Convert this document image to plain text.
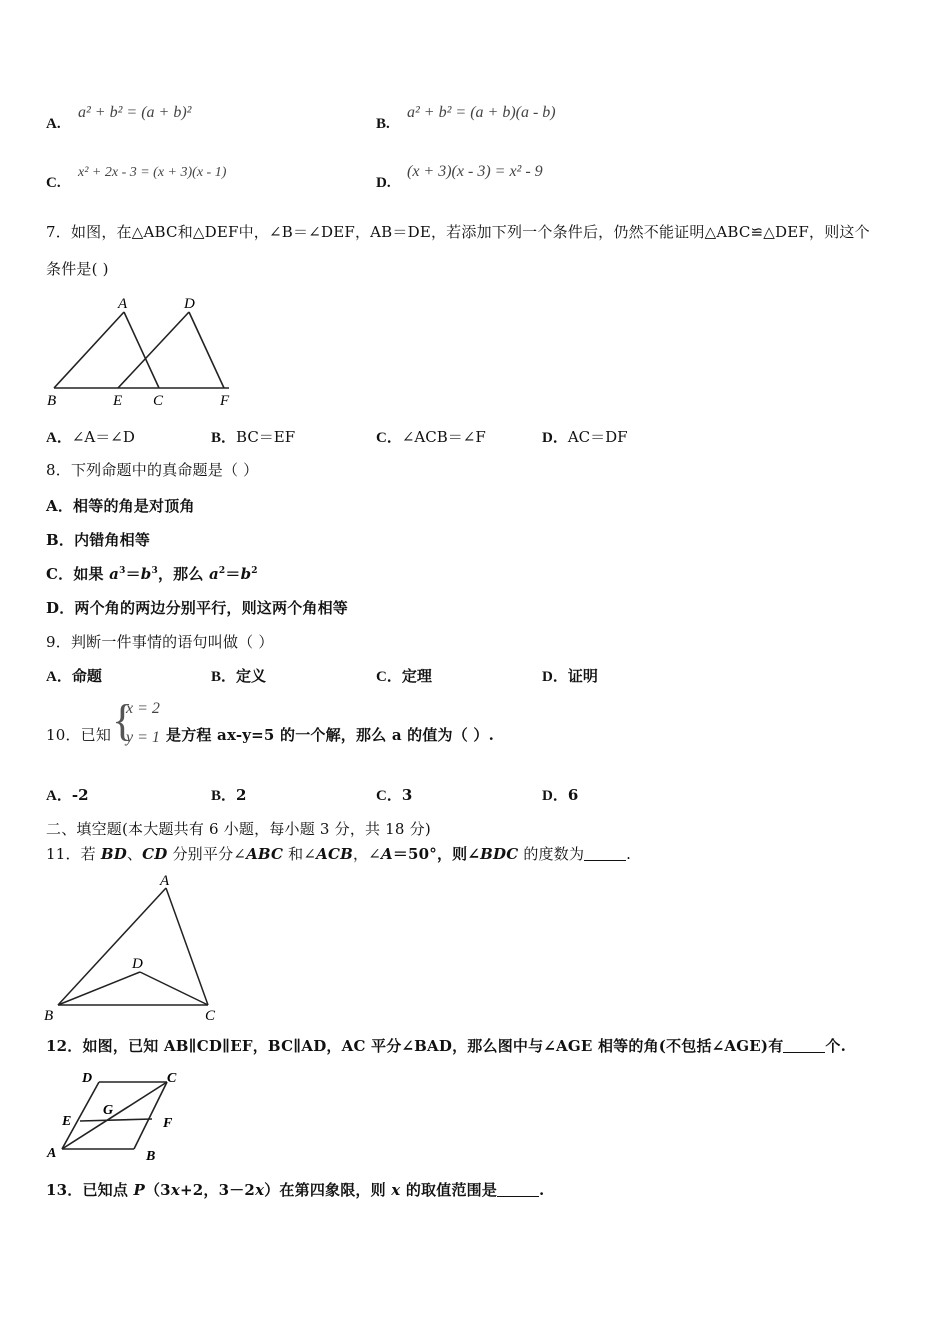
A.
a² + b² = (a + b)²
B.
a² + b² = (a + b)(a - b)
C.
x² + 2x - 3 = (x + 3)(x - 1)
D.
(x + 3)(x - 3) = x² - 9
7．如图，在△ABC和△DEF中，∠B＝∠DEF，AB＝DE，若添加下列一个条件后，仍然不能证明△ABC≌△DEF，则这个
条件是( )
A	D
B	E C	F
A．∠A＝∠D	B．BC＝EF	C．∠ACB＝∠F	D．AC＝DF
8．下列命题中的真命题是（ ）
A．相等的角是对顶角
B．内错角相等
C．如果 $a^3=b^3$，那么 $a^2=b^2$
D．两个角的两边分别平行，则这两个角相等
9．判断一件事情的语句叫做（ ）
A．命题	B．定义	C．定理	D．证明
10．已知 {
x = 2
y = 1 是方程 ax-y=5 的一个解，那么 a 的值为（ ）.
A．-2	B．2	C．3	D．6
二、填空题(本大题共有 6 小题，每小题 3 分，共 18 分)
11．若 BD、CD 分别平分∠ABC 和∠ACB，∠A＝50°，则∠BDC 的度数为	.
A
D
B	C
12．如图，已知 AB∥CD∥EF，BC∥AD，AC 平分∠BAD，那么图中与∠AGE 相等的角(不包括∠AGE)有	个.
D	C
E
G
F
A	B
13．已知点 P（3x+2，3－2x）在第四象限，则 x 的取值范围是	.
